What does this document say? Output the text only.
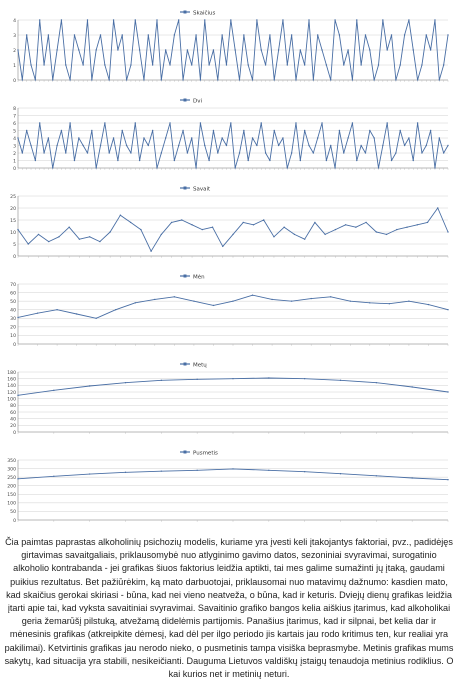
Skaičius
0
1
2
3
4
Dvi
0
1
2
3
4
5
6
7
8
Savait
0
5
10
15
20
25
Mėn
0
10
20
30
40
50
60
70
Metų
0
20
40
60
80
100
120
140
160
180
Pusmetis
0
50
100
150
200
250
300
350

Čia paimtas paprastas alkoholinių psichozių modelis, kuriame yra įvesti keli įtakojantys faktoriai, pvz., padidėjęs girtavimas savaitgaliais, priklausomybė nuo atlyginimo gavimo datos, sezoniniai svyravimai, surogatinio alkoholio kontrabanda - jei grafikas šiuos faktorius leidžia aptikti, tai mes galime sumažinti jų įtaką, gaudami puikius rezultatus. Bet pažiūrėkim, ką mato darbuotojai, priklausomai nuo matavimų dažnumo: kasdien mato, kad skaičius gerokai skiriasi - būna, kad nei vieno neatveža, o būna, kad ir keturis. Dviejų dienų grafikas leidžia įtarti apie tai, kad vyksta savaitiniai svyravimai. Savaitinio grafiko bangos kelia aiškius įtarimus, kad alkoholikai geria žemarūšį pilstuką, atvežamą didelėmis partijomis. Panašius įtarimus, kad ir silpnai, bet kelia dar ir mėnesinis grafikas (atkreipkite dėmesį, kad dėl per ilgo periodo jis kartais jau rodo kritimus ten, kur realiai yra pakilimai). Ketvirtinis grafikas jau nerodo nieko, o pusmetinis tampa visiška beprasmybe. Metinis grafikas mums sakytų, kad situacija yra stabili, nesikeičianti. Dauguma Lietuvos valdiškų įstaigų tenaudoja metinius rodiklius. O kai kurios net ir metinių neturi.
